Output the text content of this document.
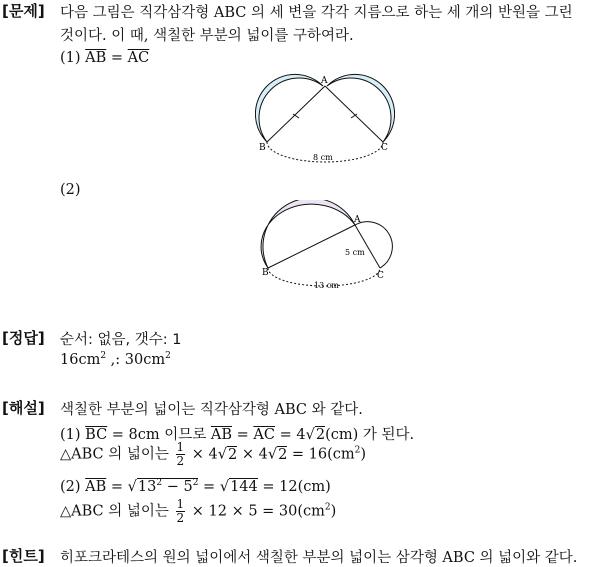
[문제] 다음 그림은 직각삼각형 ABC 의 세 변을 각각 지름으로 하는 세 개의 반원을 그린
것이다. 이 때, 색칠한 부분의 넓이를 구하여라.
(1) $\overline{AB} = \overline{AC}$
A
B	C
8 cm
(2)
A
B	C
5 cm
13 cm
[정답] 순서: 없음, 갯수: 1
$16cm^2$ ,: $30cm^2$
[해설] 색칠한 부분의 넓이는 직각삼각형 ABC 와 같다.
(1) $\overline{BC} = 8cm$ 이므로 $\overline{AB} = \overline{AC} = 4√2(cm)$ 가 된다.
△ABC 의 넓이는 $\frac{1}{2} \times 4√2 \times 4√2 = 16(cm^2)$
(2) $\overline{AB} = √13^2 - 5^2 = √144 = 12(cm)$
△ABC 의 넓이는 $\frac{1}{2} \times 12 \times 5 = 30(cm^2)$
[힌트] 히포크라테스의 원의 넓이에서 색칠한 부분의 넓이는 삼각형 ABC 의 넓이와 같다.
